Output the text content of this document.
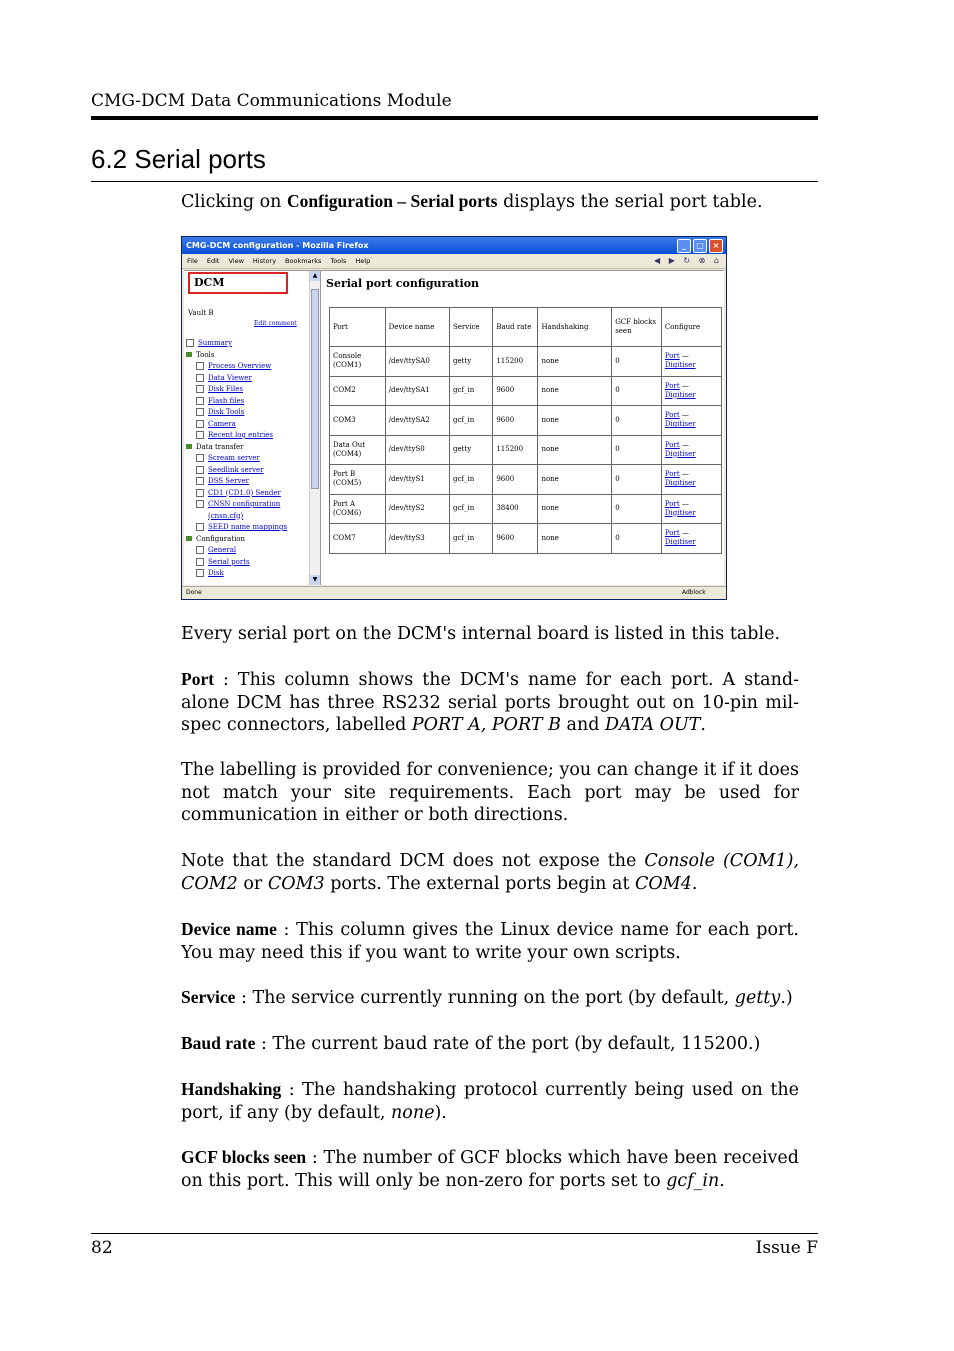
CMG-DCM Data Communications Module
6.2 Serial ports
Clicking on Configuration – Serial ports displays the serial port table.
CMG-DCM configuration - Mozilla Firefox	_	□	×
File Edit View History Bookmarks Tools Help	◀ ▶ ↻ ⊗ ⌂
DCM
Vault B
Edit comment
Summary
Tools
Process Overview
Data Viewer
Disk Files
Flash files
Disk Tools
Camera
Recent log entries
Data transfer
Scream server
Seedlink server
DSS Server
CD1 (CD1.0) Sender
CNSN configuration
(cnsn.cfg)
SEED name mappings
Configuration
General
Serial ports
Disk
▲
▼
Serial port configuration
Port	Device name	Service	Baud rate	Handshaking	GCF blocks seen	Configure
Console (COM1)	/dev/ttySA0	getty	115200	none	0	Port —
Digitiser
COM2	/dev/ttySA1	gcf_in	9600	none	0	Port —
Digitiser
COM3	/dev/ttySA2	gcf_in	9600	none	0	Port —
Digitiser
Data Out (COM4)	/dev/ttyS0	getty	115200	none	0	Port —
Digitiser
Port B (COM5)	/dev/ttyS1	gcf_in	9600	none	0	Port —
Digitiser
Port A (COM6)	/dev/ttyS2	gcf_in	38400	none	0	Port —
Digitiser
COM7	/dev/ttyS3	gcf_in	9600	none	0	Port —
Digitiser
Done	Adblock
Every serial port on the DCM's internal board is listed in this table.
Port : This column shows the DCM's name for each port. A stand-alone DCM has three RS232 serial ports brought out on 10-pin mil-spec connectors, labelled PORT A, PORT B and DATA OUT.
The labelling is provided for convenience; you can change it if it does not match your site requirements. Each port may be used for communication in either or both directions.
Note that the standard DCM does not expose the Console (COM1), COM2 or COM3 ports. The external ports begin at COM4.
Device name : This column gives the Linux device name for each port. You may need this if you want to write your own scripts.
Service : The service currently running on the port (by default, getty.)
Baud rate : The current baud rate of the port (by default, 115200.)
Handshaking : The handshaking protocol currently being used on the port, if any (by default, none).
GCF blocks seen : The number of GCF blocks which have been received on this port. This will only be non-zero for ports set to gcf_in.
82	Issue F
